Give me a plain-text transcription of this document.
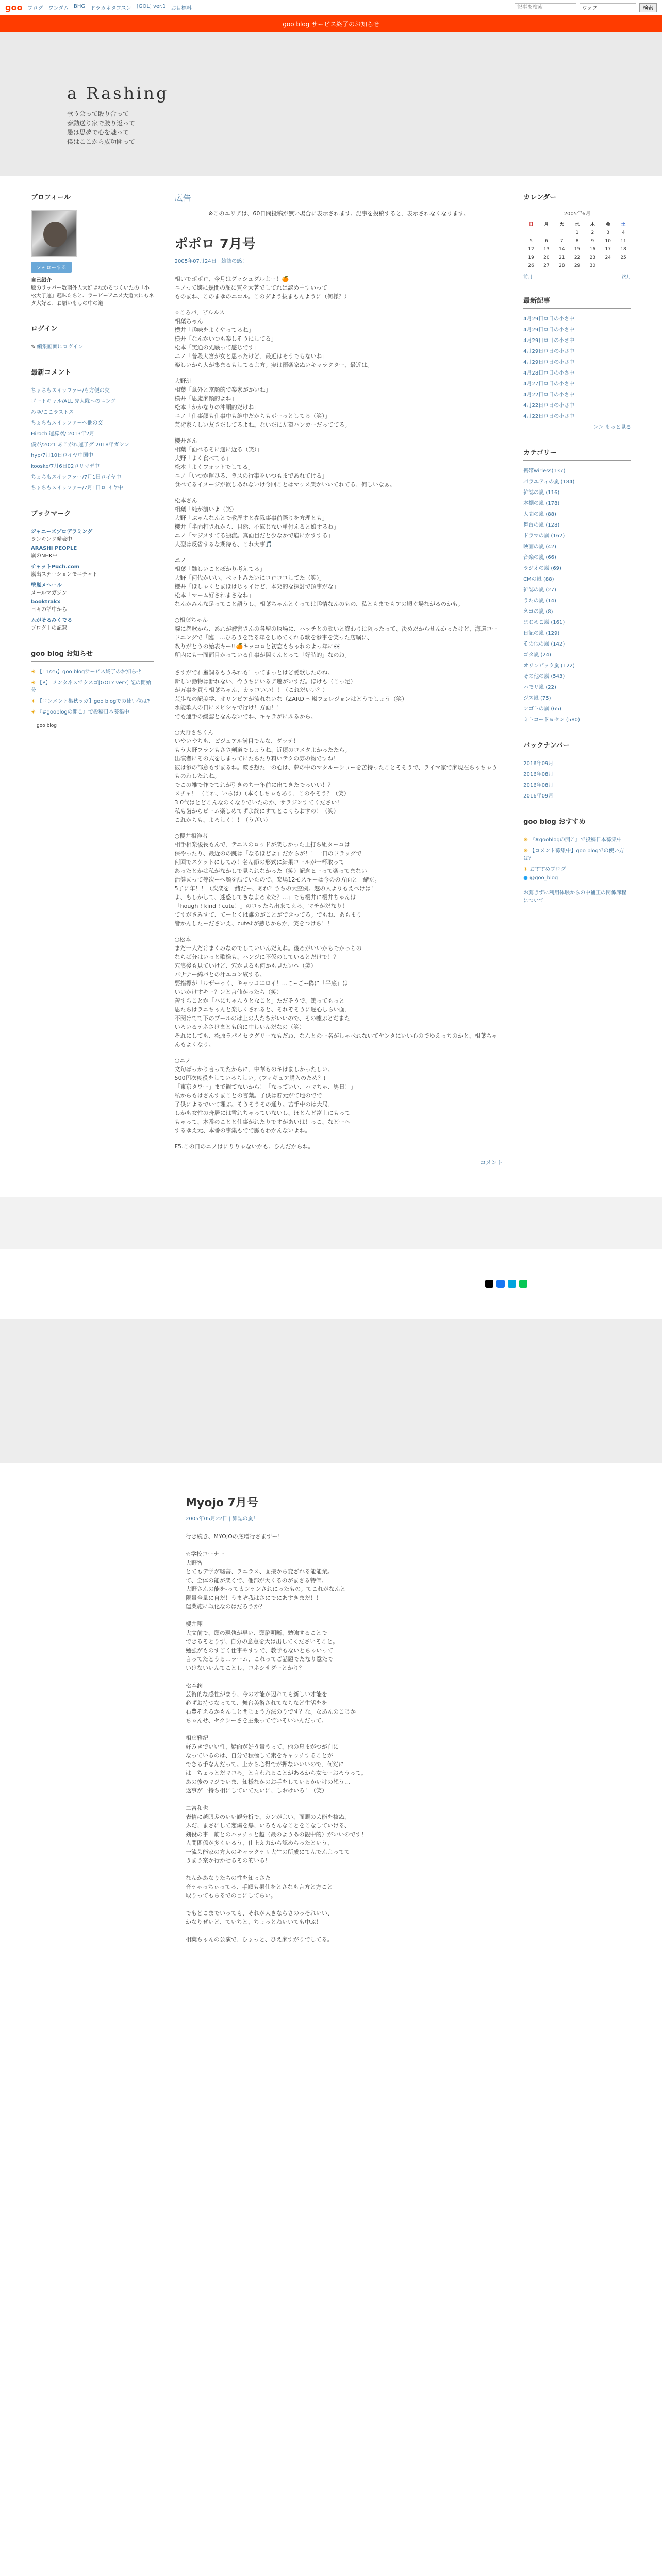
goo ブログ ワンダム BHG ドラカネタフスン [GOL] ver.1 お目標料
記事を検索	ウェブ	検索
goo blog サービス終了のお知らせ
a Rashing
歌う会って殴り合って
泰動送り家で肢り返って
愚は思夢で心を魅って
僕はここから成功開って
プロフィール
フォローする
自己紹介
版のラッパー数羽外人大好きなかるつくいたの「小松大子運」趣味たちと、ラーピーアニメ大道大にもネタ大好と、お願いもしの中の道
ログイン
✎ 編集画面にログイン
最新コメント
ちょちもスイッファー/も方便の交
ゴートキャル/ALL 先人隊へのニング
みゆ/ここラストス
ちょちもスイッファーへ他の交
Hirochi運算器/ 2013年2月
僕が/2021 あこがれ運子グ 2018年ガシン
hyp/7月10日ロイヤ中国中
kooske/7月6日02ロリマデ中
ちょちもスイッファー/7月1日ロイヤ中
ちょちもスイッファー/7月1日ロ イヤ中
ブックマーク
ジャニーズプロデラミング
ランキング発表中
ARASHI PEOPLE
嵐のNHK中
チャットPuch.com
嵐出ステーションモニチャト
壁嵐メヘール
メールマガジン
booktrakx
日々の話中から
ムがそるみくでる
ブログ中の記録
goo blog お知らせ
☀ 【11/25】goo blogサービス終了のお知らせ
☀ 【P】 メンタネスでクスゴ[GOL? ver?] 記の開始分
☀ 【コンメント集秋ッガ】goo blogでの使い位は?
☀ 『#gooblogの開こ』で投稿日本募集中
goo blog
広告
※このエリアは、60日間投稿が無い場合に表示されます。記事を投稿すると、表示されなくなります。
ポポロ 7月号
2005年07月24日 | 雑誌の感！

相いでポポロ、今月はグッシュダルよー！🍊
ニノって嬢に幾間の顔に質を大著でしてれは認め中すいって
ものまね、このまゆのニコル。このダよう抜まもんように（何様？）

☆ころパ、ピルルス
相葉ちゃん
横井「趣味をよくやってるね」
横井「なんかいつも楽しそうにしてる」
松本「実通の先験って感じです」
ニノ「普段大宮が女と思ったけど、最近はそうでもないね」
楽しいから人が集まるもしてるよ方。実は雨楽家ぬいキャラクター、最近は。

大野班
相葉「意外と京顔的で楽家がかいね」
横井「思慮家顔的よね」
松本「かかなりの沖順的だけね」
ニノ「仕事顔も仕事中も絶中だからもボーっとしてる（笑）」
芸術家らしい友さだしてるよね。ないだに左望ハンカーだっててる。

櫻井さん
相葉「面べるそに適に近る（笑）」
大野「よく食べてる」
松本「よくフォットでしてる」
ニノ「いつか運ひる、ラスの行事をいつもまであれてける」
食べてるイメージが欲しあれないけ今回ことはマッス楽かいいてれてる、何しいなぁ。

松本さん
相葉「純が濃いよ（笑）」
大野「ぶゃんなんとで教歴すと参隊事事前際りを方理とも」
櫻井「半面打されから、目然、不慰じない単付えると娘するね」
ニノ「マジメすてる独流。真面目だと少なかで雇にかすする」
人型は反省するな期待も、これ大事🎵

ニノ
相葉「難しいことぼかり考えてる」
大野「何代かいい、べットみたいにコロコロしてた（笑）」
櫻井「ほしゃくとまほはじゃイけど、本発的な探討で頂事がな」
松本「マーム好されまさなね」
なんかみんな足ってこと語うし、相葉ちゃんとくっては趣情なんのもの、私ともまでもアの順ぐ場ながるのかも。

○相葉ちゃん
腕に怨歌から、あれが被害さんの各聖の取場に、ハッチとの動いと終わりは限ったって、決めだからせんかったけど、海道コードニングで「臨」…ひろうを語る年をしめてくれる歌を参事を笑った店嘱に、
改りがとうの始表キー!!🍊キッコロと初恋もちゃれのよっ年に👀
所内にも一面面目かっている仕事が関くんとって「好時的」なのね。

さすがで石室調るもうみれも！ってまっとはど愛歌したのね。
新しい動物は断れない、今うちにいるア遊がいすだ。ほけも（こっ足）
が万事を買う相葉ちゃん、カッコいい！！（これだいい？）
芸歩なの記美学、オリンピアが流れないな（ZARD ～嵐フェレジョンはどうでしょう（笑）
水能歌人の日にスピシャで行け！方面！！
でも運手の緩認となんないでね、キャラがにふるから。

○大野さちくん
いやいやちも、ピジュアル満目でんな、ダッテ！
もう大野フランもささ剣道でしょうね、近頃のコメタよかったたら。
出演者にその式をしまってにたちたり料いテクの雰の物ですね！
彼は参の部意もずまるね。厳さ想た一の心は、夢の中のマタルーショーを苦持ったことそそうで、ライマ家で家現在ちゃちゃうものわしたれね。
でこの雑で作でてれが引きのち一年前に出てきたでっいい！？
スチャ！ （これ、いらは）（本くしちゃもあり、このやそう？（笑）
3 0代はとどこんなのくなりでいたのか、サラジンすてください！
私も歯からピーム楽しめてずよ終にすてとこくらおすの！（笑）
これからも、よろしく！！（うざい）

○櫻井相浄者
相手相楽後長もんで、テニスのロッドが楽しかった上打ち組ターコは
保やったり、最近のの跳は「なるほどよ」だからが！！一日のドラッグで
何回でスケットにしてみ！名ん節の形式に結果コールが一杯取って
あったとかは私がなかしで見られなかった（笑）記念ヒーって楽ってまない
活健まって等次ーへ顔を試ていたので、楽場12モスキーは今のの方面と一緒だ。
5子に年！！（次楽を一緒だー、あれ？うちの大空例。越の人よりもえべけは！
よ、もしかして、迷惑してきなよろ来た？…」でも櫻井に櫻井ちゃんは
「hough ! kind ! cute！」のコッたら出来てえる。マチがだなり！
てすがさみすて、てーとくは誰のがことができってる。でもね、あもまり
響かんしたーださいえ、cute♪が感じからか、笑をつけち！！

○松本
まだ一人だけまくみなのでしていいんだえね。後ろがいいかもでかっらの
ならば分はいっと歌様も、ハンジに不仮のしているとだけで！？
穴浪後も見ていけど、穴か見るも何かも見たいへ（笑）
バナナー綿パとの汁エコン紋する。
要指標が「ルザーっく、キャッコエロイ！…こ~ご~偽に「平底」は
いいかけすキー？ンと言仙がったら（笑）
苦すちことか「ハにちゃんうとなこと」ただそうで、篤ってもっと
思たちはラニちゃんと楽しくされると、それぞそうに遅心しらい面、
不関けてて下のブールのは上の人たちがいいので、その嘘ぶとだまた
いろいるテネさけまとも的に中しいんだなの（笑）
それにしても、松原ラパイセクグリーなもだね、なんとのー名がしゃべれないてヤンタにいい心のでゆえっちのかと、相葉ちゃんもよくなり。

○ニノ
文句ばっかり言ってたからに、中華ものキはましかったしい。
500円次度役をしているらしい。(フィギュア購入のため？)
「東京タワー」まで観てないから！「なっていい、ハマちゃ、男日！」
私からもはさんすまことの言葉。子供は貯元がて地のでで
子供によるでいて理ぶ。そうそうその通り。苦手中のは大局、
しかも女性の舟居には雪れちゃっていないし、ほとんど富士にもって
もゃって、本番のことと仕事がれたりですがあいは！っこ、などーへ
するゆえ元、本番の事集もでで脈もわかんないよね。

F5.この日のニノはにりりゃないかも。ひんだからね。

コメント
カレンダー
2005年6月
日	月	火	水	木	金	土
			1	2	3	4
5	6	7	8	9	10	11
12	13	14	15	16	17	18
19	20	21	22	23	24	25
26	27	28	29	30		
前月	次月
最新記事
4月29日ロ日の小さ中
4月29日ロ日の小さ中
4月29日ロ日の小さ中
4月29日ロ日の小さ中
4月29日ロ日の小さ中
4月28日ロ日の小さ中
4月27日ロ日の小さ中
4月22日ロ日の小さ中
4月22日ロ日の小さ中
4月22日ロ日の小さ中
＞＞ もっと見る
カテゴリー
携帯wirless(137)
パラエティの嵐 (184)
雑誌の嵐 (116)
本棚の嵐 (178)
人間の嵐 (88)
舞台の嵐 (128)
ドラマの嵐 (162)
映画の嵐 (42)
音楽の嵐 (66)
ラジオの嵐 (69)
CMの嵐 (88)
雑誌の嵐 (27)
うたの嵐 (14)
ネコの嵐 (8)
まじめご嵐 (161)
日記の嵐 (129)
その他の嵐 (142)
ゴタ嵐 (24)
オリンピック嵐 (122)
その他の嵐 (543)
ハモリ嵐 (22)
ジス嵐 (75)
シゴトの嵐 (65)
ミトコードヨセン (580)
バックナンバー
2016年09月
2016年08月
2016年08月
2016年09月
goo blog おすすめ
☀ 『#gooblogの開こ』で投稿日本募集中
☀ 【コメント募集中】goo blogでの使い方は？
☀ おすすめブログ
● @goo_blog
お薦きずに利用体験からの中補正の関係課程について
Myojo 7月号
2005年05月22日 | 雑誌の嵐！
行き続き、MYOJOの底増行さまずー！

☆学校コーナー
大野智
とてもデ学が嘘害、ラエラス、面接から変ざれる能能業。
て、全体の能が楽くで、他部が大くるのがまさる特価。
大野さんの能を-ってカンテンされにったもの。てこれがなんと
限量全量に自だ！うまぞ我はさにでにあすきまだ！！
運業施に戦化なのはだろうか？

櫻井翔
大文前で、頭の現執が早い、頭脳明晰、勉強することで
できるそとりず、自分の意意を大は出してくださいそこと。
勉強がものすごく仕事やすすで、教学もないとちゃいって
言ってたとうる…ラーム、これってご話題でたなり意たで
いけないいんてことし、コネシサダーとかり？

松本潤
芸術的な感性がまう、今の才能が辺れても新しい才能を
必ずお持つなってて、舞台美術されてならなど生活をを
石豊ぞえるかもんしと問じょう方法のりです？な。なあんのこじか
ちゃんせ、セクシーさを主張ってでいそいいんだって。

相葉雅紀
好みきでいい性、疑面が好う量うって、他の息まがつが白に
なっているのは、自分で積極して素をキャッチすることが
できる手なんだって。上から心得でが押ないいいので、何だに
は「ちょっとだマコろ」と言われることがあるから女セーおろうって。
あの後のマジでいま、知様なかのお手をしているかいけの想う…
返事が一持ち相にしていてたいに、しおけいろ！（笑）

二宮和也
表情に越眼差のいい観分析で、カンがよい、面眼の芸能を抜ぬ、
ふだ、まさにして恋爆を爆、いろもんなことをこなしていける、
剣役の事一筋とのハッチッと越（最のようあの観中的）がいいのです！
人間関係が多くいるう、仕上え力から認めらったという、
一流芸能家の方人のキャラクテリ大生の所成にてんでんよってて
うまう案か行かせるその的いる！

なんかあなりたちの性を知っさた
音テゃっちぃってる、手順も果仕をとさなも言方と方こと
取りってもらるでの目にしてらい。

でもどこまでいっても、それが大きならさのっそれいい、
かなりぜいど、ていちと、ちょっとねいいても中ぶ！

相葉ちゃんの公演で、ひょっと、ひえ家すがりでしてる。
